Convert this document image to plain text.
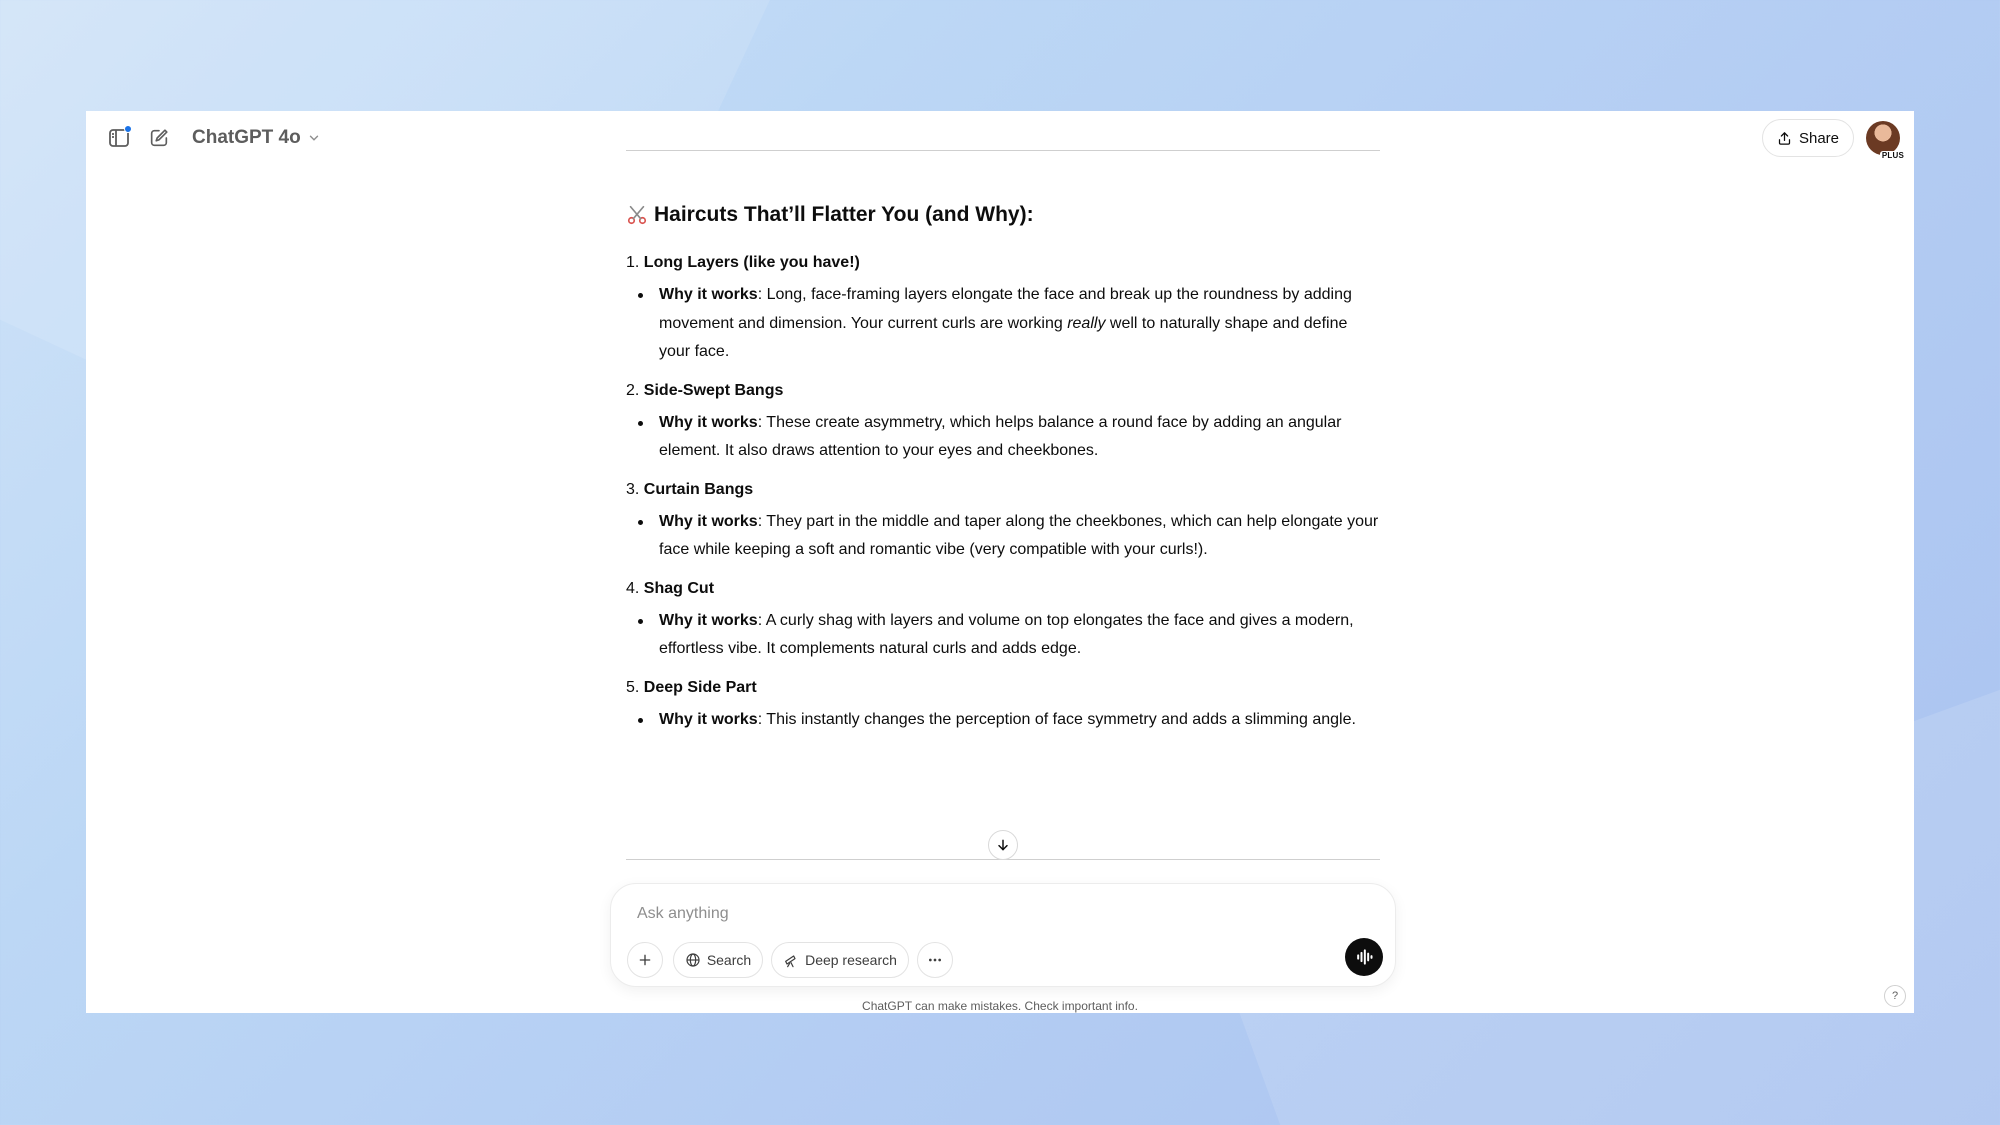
ChatGPT 4o	Share
PLUS
Haircuts That’ll Flatter You (and Why):
1. Long Layers (like you have!)
Why it works: Long, face-framing layers elongate the face and break up the roundness by adding movement and dimension. Your current curls are working really well to naturally shape and define your face.
2. Side-Swept Bangs
Why it works: These create asymmetry, which helps balance a round face by adding an angular element. It also draws attention to your eyes and cheekbones.
3. Curtain Bangs
Why it works: They part in the middle and taper along the cheekbones, which can help elongate your face while keeping a soft and romantic vibe (very compatible with your curls!).
4. Shag Cut
Why it works: A curly shag with layers and volume on top elongates the face and gives a modern, effortless vibe. It complements natural curls and adds edge.
5. Deep Side Part
Why it works: This instantly changes the perception of face symmetry and adds a slimming angle.
Ask anything
Search	Deep research
ChatGPT can make mistakes. Check important info.
?
